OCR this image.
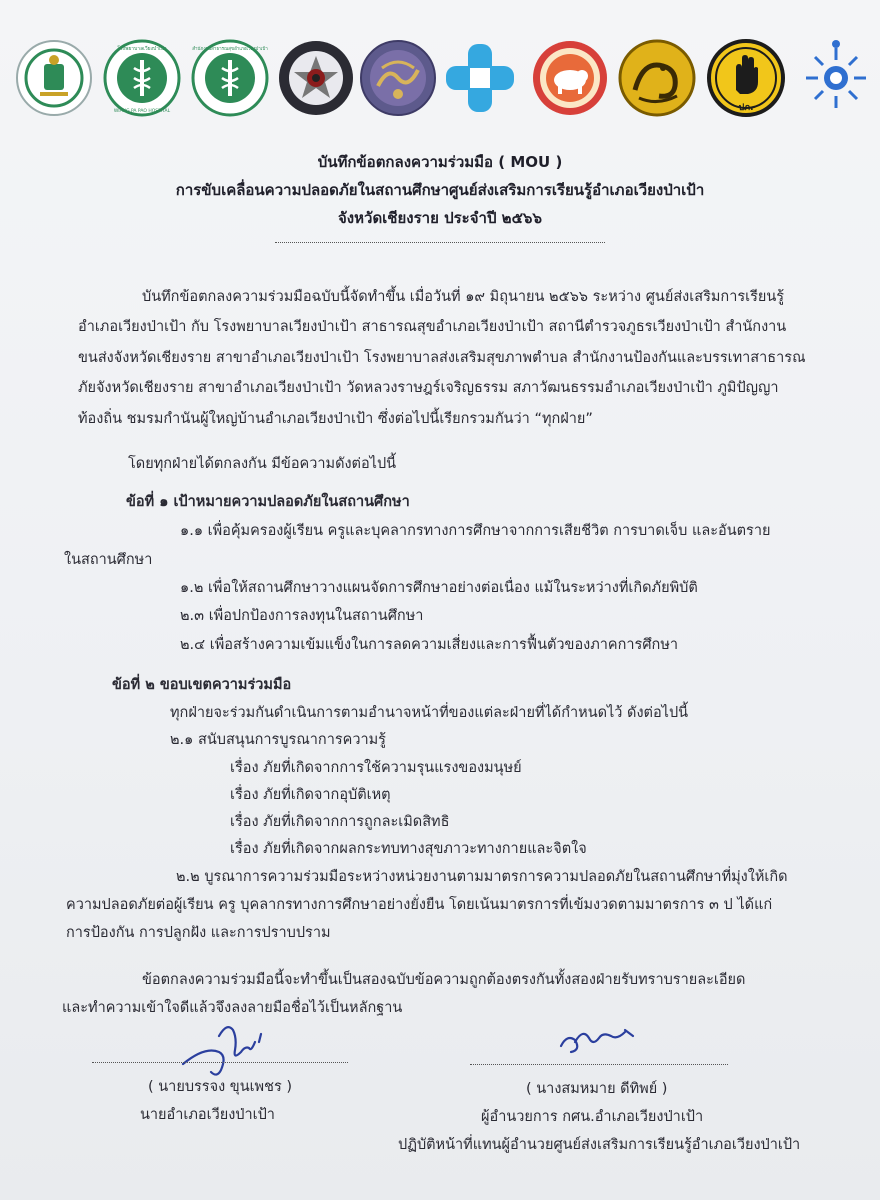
โรงพยาบาลเวียงป่าเป้า
WIANG PA PAO HOSPITAL
สำนักงานสาธารณสุขอำเภอเวียงป่าเป้า
ปภ.
บันทึกข้อตกลงความร่วมมือ ( MOU )
การขับเคลื่อนความปลอดภัยในสถานศึกษาศูนย์ส่งเสริมการเรียนรู้อำเภอเวียงป่าเป้า
จังหวัดเชียงราย ประจำปี ๒๕๖๖
บันทึกข้อตกลงความร่วมมือฉบับนี้จัดทำขึ้น เมื่อวันที่ ๑๙ มิถุนายน ๒๕๖๖ ระหว่าง ศูนย์ส่งเสริมการเรียนรู้
อำเภอเวียงป่าเป้า กับ โรงพยาบาลเวียงป่าเป้า สาธารณสุขอำเภอเวียงป่าเป้า สถานีตำรวจภูธรเวียงป่าเป้า สำนักงาน
ขนส่งจังหวัดเชียงราย สาขาอำเภอเวียงป่าเป้า โรงพยาบาลส่งเสริมสุขภาพตำบล สำนักงานป้องกันและบรรเทาสาธารณ
ภัยจังหวัดเชียงราย สาขาอำเภอเวียงป่าเป้า วัดหลวงราษฎร์เจริญธรรม สภาวัฒนธรรมอำเภอเวียงป่าเป้า ภูมิปัญญา
ท้องถิ่น ชมรมกำนันผู้ใหญ่บ้านอำเภอเวียงป่าเป้า ซึ่งต่อไปนี้เรียกรวมกันว่า “ทุกฝ่าย”
โดยทุกฝ่ายได้ตกลงกัน มีข้อความดังต่อไปนี้
ข้อที่ ๑ เป้าหมายความปลอดภัยในสถานศึกษา
๑.๑ เพื่อคุ้มครองผู้เรียน ครูและบุคลากรทางการศึกษาจากการเสียชีวิต การบาดเจ็บ และอันตราย
ในสถานศึกษา
๑.๒ เพื่อให้สถานศึกษาวางแผนจัดการศึกษาอย่างต่อเนื่อง แม้ในระหว่างที่เกิดภัยพิบัติ
๒.๓ เพื่อปกป้องการลงทุนในสถานศึกษา
๒.๔ เพื่อสร้างความเข้มแข็งในการลดความเสี่ยงและการฟื้นตัวของภาคการศึกษา
ข้อที่ ๒ ขอบเขตความร่วมมือ
ทุกฝ่ายจะร่วมกันดำเนินการตามอำนาจหน้าที่ของแต่ละฝ่ายที่ได้กำหนดไว้ ดังต่อไปนี้
๒.๑ สนับสนุนการบูรณาการความรู้
เรื่อง ภัยที่เกิดจากการใช้ความรุนแรงของมนุษย์
เรื่อง ภัยที่เกิดจากอุบัติเหตุ
เรื่อง ภัยที่เกิดจากการถูกละเมิดสิทธิ
เรื่อง ภัยที่เกิดจากผลกระทบทางสุขภาวะทางกายและจิตใจ
๒.๒ บูรณาการความร่วมมือระหว่างหน่วยงานตามมาตรการความปลอดภัยในสถานศึกษาที่มุ่งให้เกิด
ความปลอดภัยต่อผู้เรียน ครู บุคลากรทางการศึกษาอย่างยั่งยืน โดยเน้นมาตรการที่เข้มงวดตามมาตรการ ๓ ป ได้แก่
การป้องกัน การปลูกฝัง และการปราบปราม
ข้อตกลงความร่วมมือนี้จะทำขึ้นเป็นสองฉบับข้อความถูกต้องตรงกันทั้งสองฝ่ายรับทราบรายละเอียด
และทำความเข้าใจดีแล้วจึงลงลายมือชื่อไว้เป็นหลักฐาน
( นายบรรจง ขุนเพชร )
นายอำเภอเวียงป่าเป้า
( นางสมหมาย ดีทิพย์ )
ผู้อำนวยการ กศน.อำเภอเวียงป่าเป้า
ปฏิบัติหน้าที่แทนผู้อำนวยศูนย์ส่งเสริมการเรียนรู้อำเภอเวียงป่าเป้า
